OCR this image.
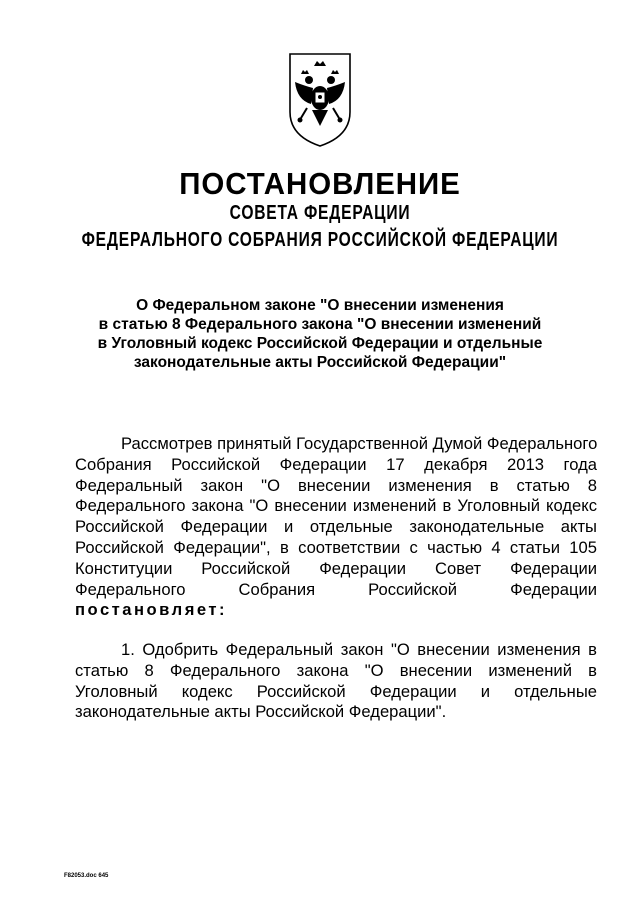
ПОСТАНОВЛЕНИЕ
СОВЕТА ФЕДЕРАЦИИ
ФЕДЕРАЛЬНОГО СОБРАНИЯ РОССИЙСКОЙ ФЕДЕРАЦИИ
О Федеральном законе "О внесении изменения
в статью 8 Федерального закона "О внесении изменений
в Уголовный кодекс Российской Федерации и отдельные
законодательные акты Российской Федерации"
Рассмотрев принятый Государственной Думой Федерального
Собрания Российской Федерации 17 декабря 2013 года
Федеральный закон "О внесении изменения в статью 8
Федерального закона "О внесении изменений в Уголовный кодекс
Российской Федерации и отдельные законодательные акты
Российской Федерации", в соответствии с частью 4 статьи 105
Конституции Российской Федерации Совет Федерации
Федерального Собрания Российской Федерации
постановляет:
1. Одобрить Федеральный закон "О внесении изменения в
статью 8 Федерального закона "О внесении изменений в
Уголовный кодекс Российской Федерации и отдельные
законодательные акты Российской Федерации".
F82053.doc 645
